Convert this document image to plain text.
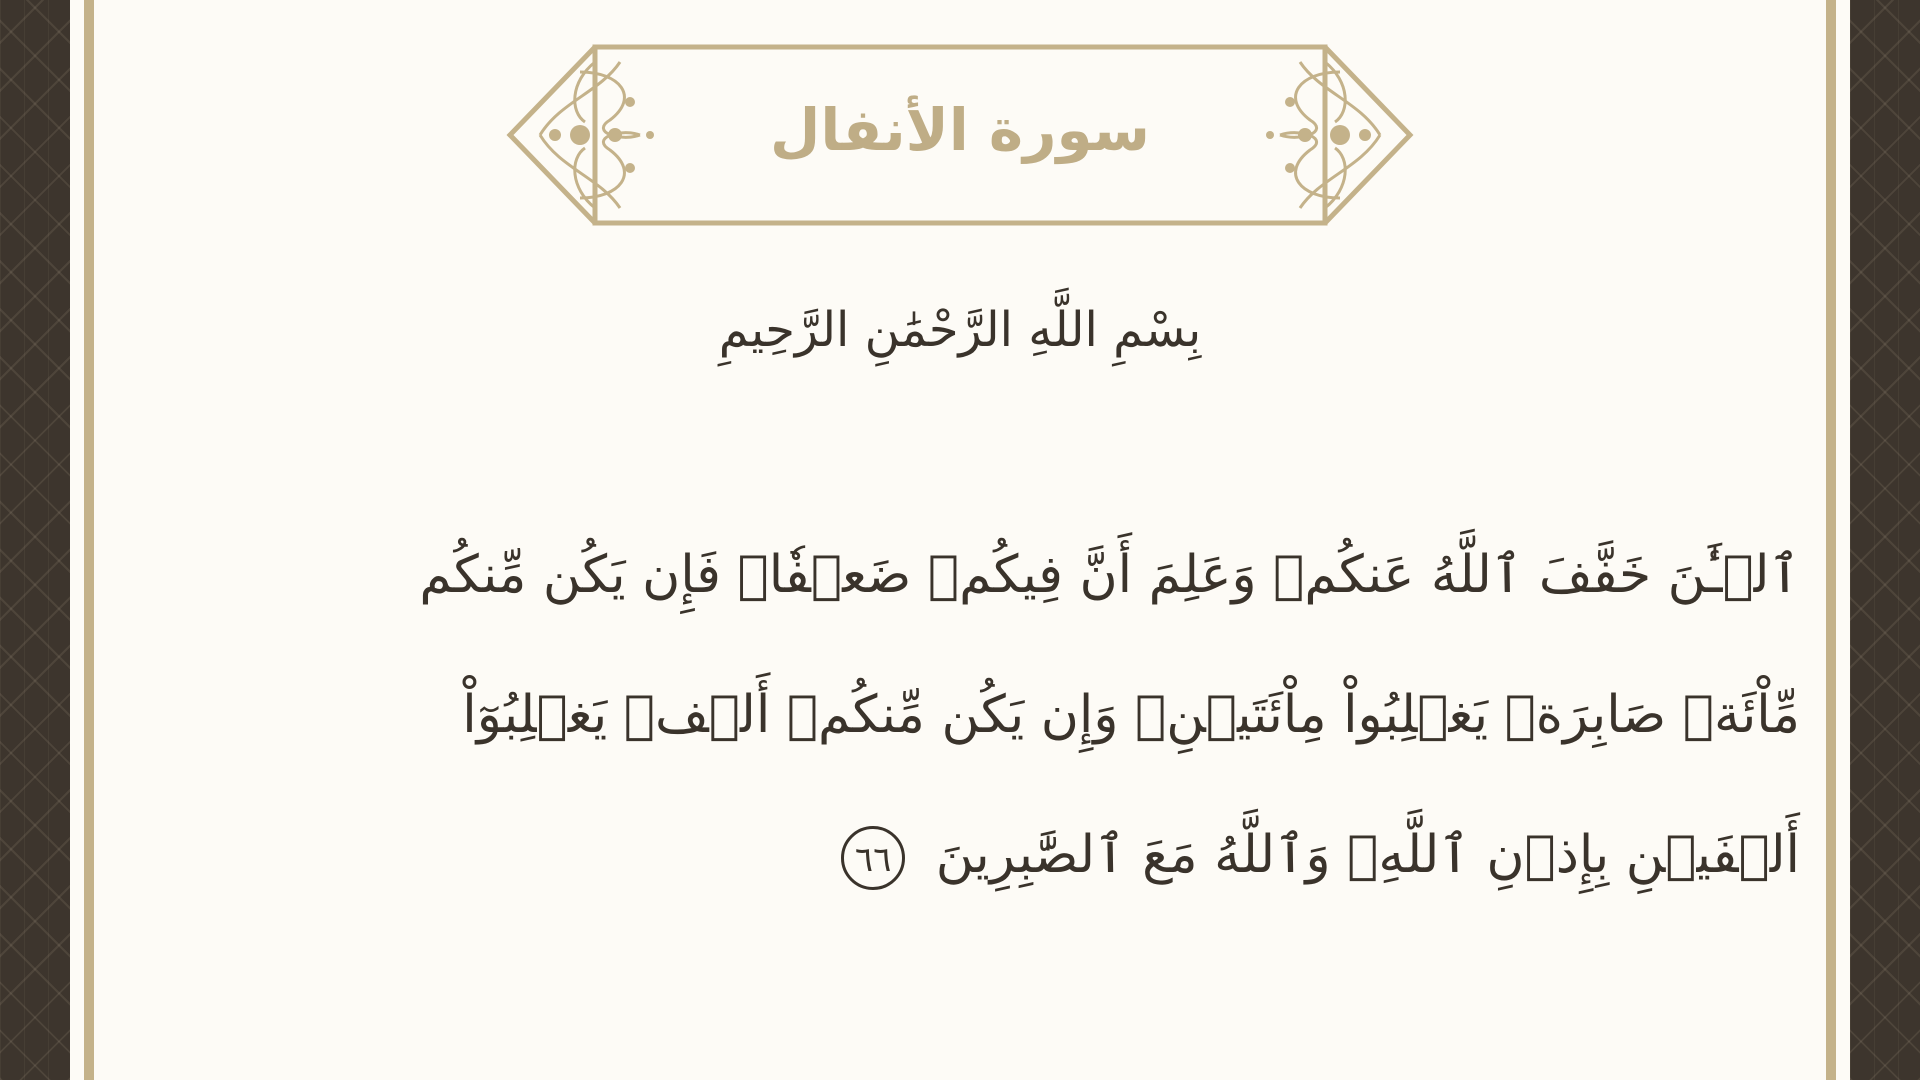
سورة الأنفال
بِسْمِ اللَّهِ الرَّحْمَٰنِ الرَّحِيمِ
ٱلۡـَٰٔنَ خَفَّفَ ٱللَّهُ عَنكُمۡ وَعَلِمَ أَنَّ فِيكُمۡ ضَعۡفٗاۚ فَإِن يَكُن مِّنكُم مِّاْئَةٞ صَابِرَةٞ يَغۡلِبُواْ مِاْئَتَيۡنِۚ وَإِن يَكُن مِّنكُمۡ أَلۡفٞ يَغۡلِبُوٓاْ أَلۡفَيۡنِ بِإِذۡنِ ٱللَّهِۗ وَٱللَّهُ مَعَ ٱلصَّٰبِرِينَ ٦٦
